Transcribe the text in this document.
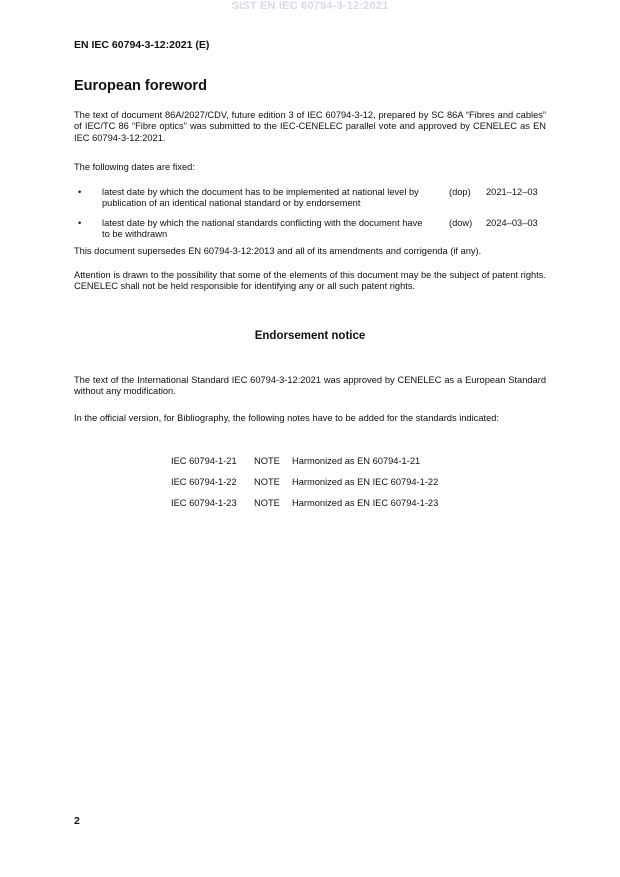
SIST EN IEC 60794-3-12:2021
EN IEC 60794-3-12:2021 (E)
European foreword
The text of document 86A/2027/CDV, future edition 3 of IEC 60794-3-12, prepared by SC 86A “Fibres and cables” of IEC/TC 86 “Fibre optics” was submitted to the IEC-CENELEC parallel vote and approved by CENELEC as EN IEC 60794-3-12:2021.
The following dates are fixed:
• latest date by which the document has to be implemented at national level by publication of an identical national standard or by endorsement
(dop) 2021–12–03
• latest date by which the national standards conflicting with the document have to be withdrawn
(dow) 2024–03–03
This document supersedes EN 60794-3-12:2013 and all of its amendments and corrigenda (if any).
Attention is drawn to the possibility that some of the elements of this document may be the subject of patent rights. CENELEC shall not be held responsible for identifying any or all such patent rights.
Endorsement notice
The text of the International Standard IEC 60794-3-12:2021 was approved by CENELEC as a European Standard without any modification.
In the official version, for Bibliography, the following notes have to be added for the standards indicated:
IEC 60794-1-21 NOTE Harmonized as EN 60794-1-21
IEC 60794-1-22 NOTE Harmonized as EN IEC 60794-1-22
IEC 60794-1-23 NOTE Harmonized as EN IEC 60794-1-23
2
